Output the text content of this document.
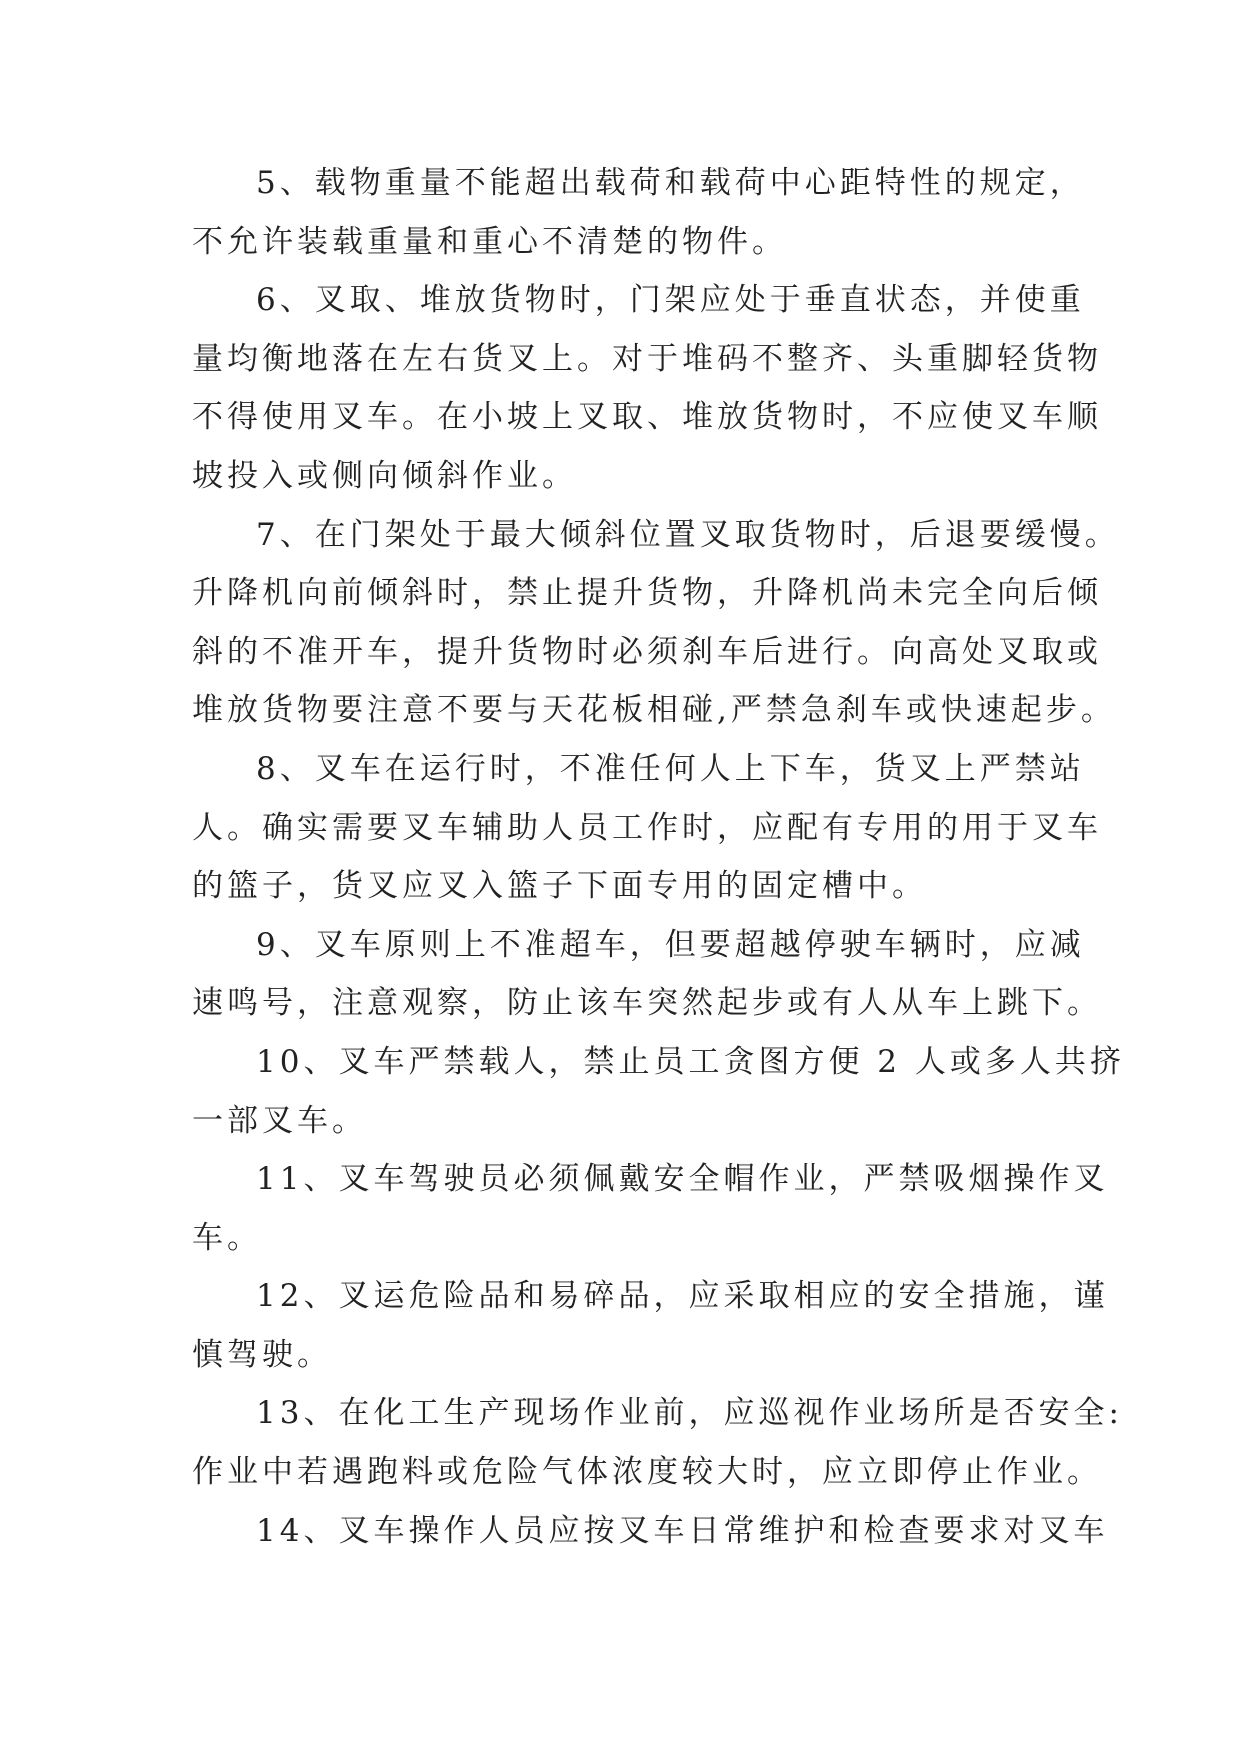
5、载物重量不能超出载荷和载荷中心距特性的规定，
不允许装载重量和重心不清楚的物件。
6、叉取、堆放货物时，门架应处于垂直状态，并使重
量均衡地落在左右货叉上。对于堆码不整齐、头重脚轻货物
不得使用叉车。在小坡上叉取、堆放货物时，不应使叉车顺
坡投入或侧向倾斜作业。
7、在门架处于最大倾斜位置叉取货物时，后退要缓慢。
升降机向前倾斜时，禁止提升货物，升降机尚未完全向后倾
斜的不准开车，提升货物时必须刹车后进行。向高处叉取或
堆放货物要注意不要与天花板相碰,严禁急刹车或快速起步。
8、叉车在运行时，不准任何人上下车，货叉上严禁站
人。确实需要叉车辅助人员工作时，应配有专用的用于叉车
的篮子，货叉应叉入篮子下面专用的固定槽中。
9、叉车原则上不准超车，但要超越停驶车辆时，应减
速鸣号，注意观察，防止该车突然起步或有人从车上跳下。
10、叉车严禁载人，禁止员工贪图方便 2 人或多人共挤
一部叉车。
11、叉车驾驶员必须佩戴安全帽作业，严禁吸烟操作叉
车。
12、叉运危险品和易碎品，应采取相应的安全措施，谨
慎驾驶。
13、在化工生产现场作业前，应巡视作业场所是否安全:
作业中若遇跑料或危险气体浓度较大时，应立即停止作业。
14、叉车操作人员应按叉车日常维护和检查要求对叉车
